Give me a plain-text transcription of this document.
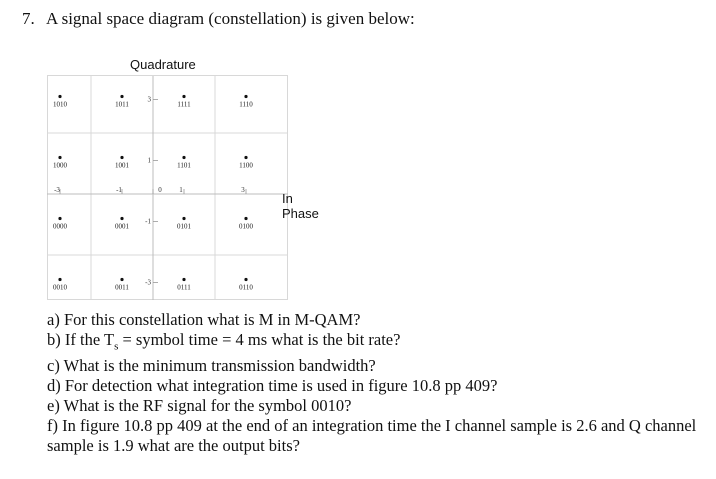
7. A signal space diagram (constellation) is given below:
-3	-1	0	1	3
3
1
-1
-3
1010	1011	1111	1110
1000	1001	1101	1100
0000	0001	0101	0100
0010	0011	0111	0110
Quadrature
In Phase
a) For this constellation what is M in M-QAM?
b) If the $T_s$ = symbol time = 4 ms what is the bit rate?
c) What is the minimum transmission bandwidth?
d) For detection what integration time is used in figure 10.8 pp 409?
e) What is the RF signal for the symbol 0010?
f) In figure 10.8 pp 409 at the end of an integration time the I channel sample is 2.6 and Q channel sample is 1.9 what are the output bits?
